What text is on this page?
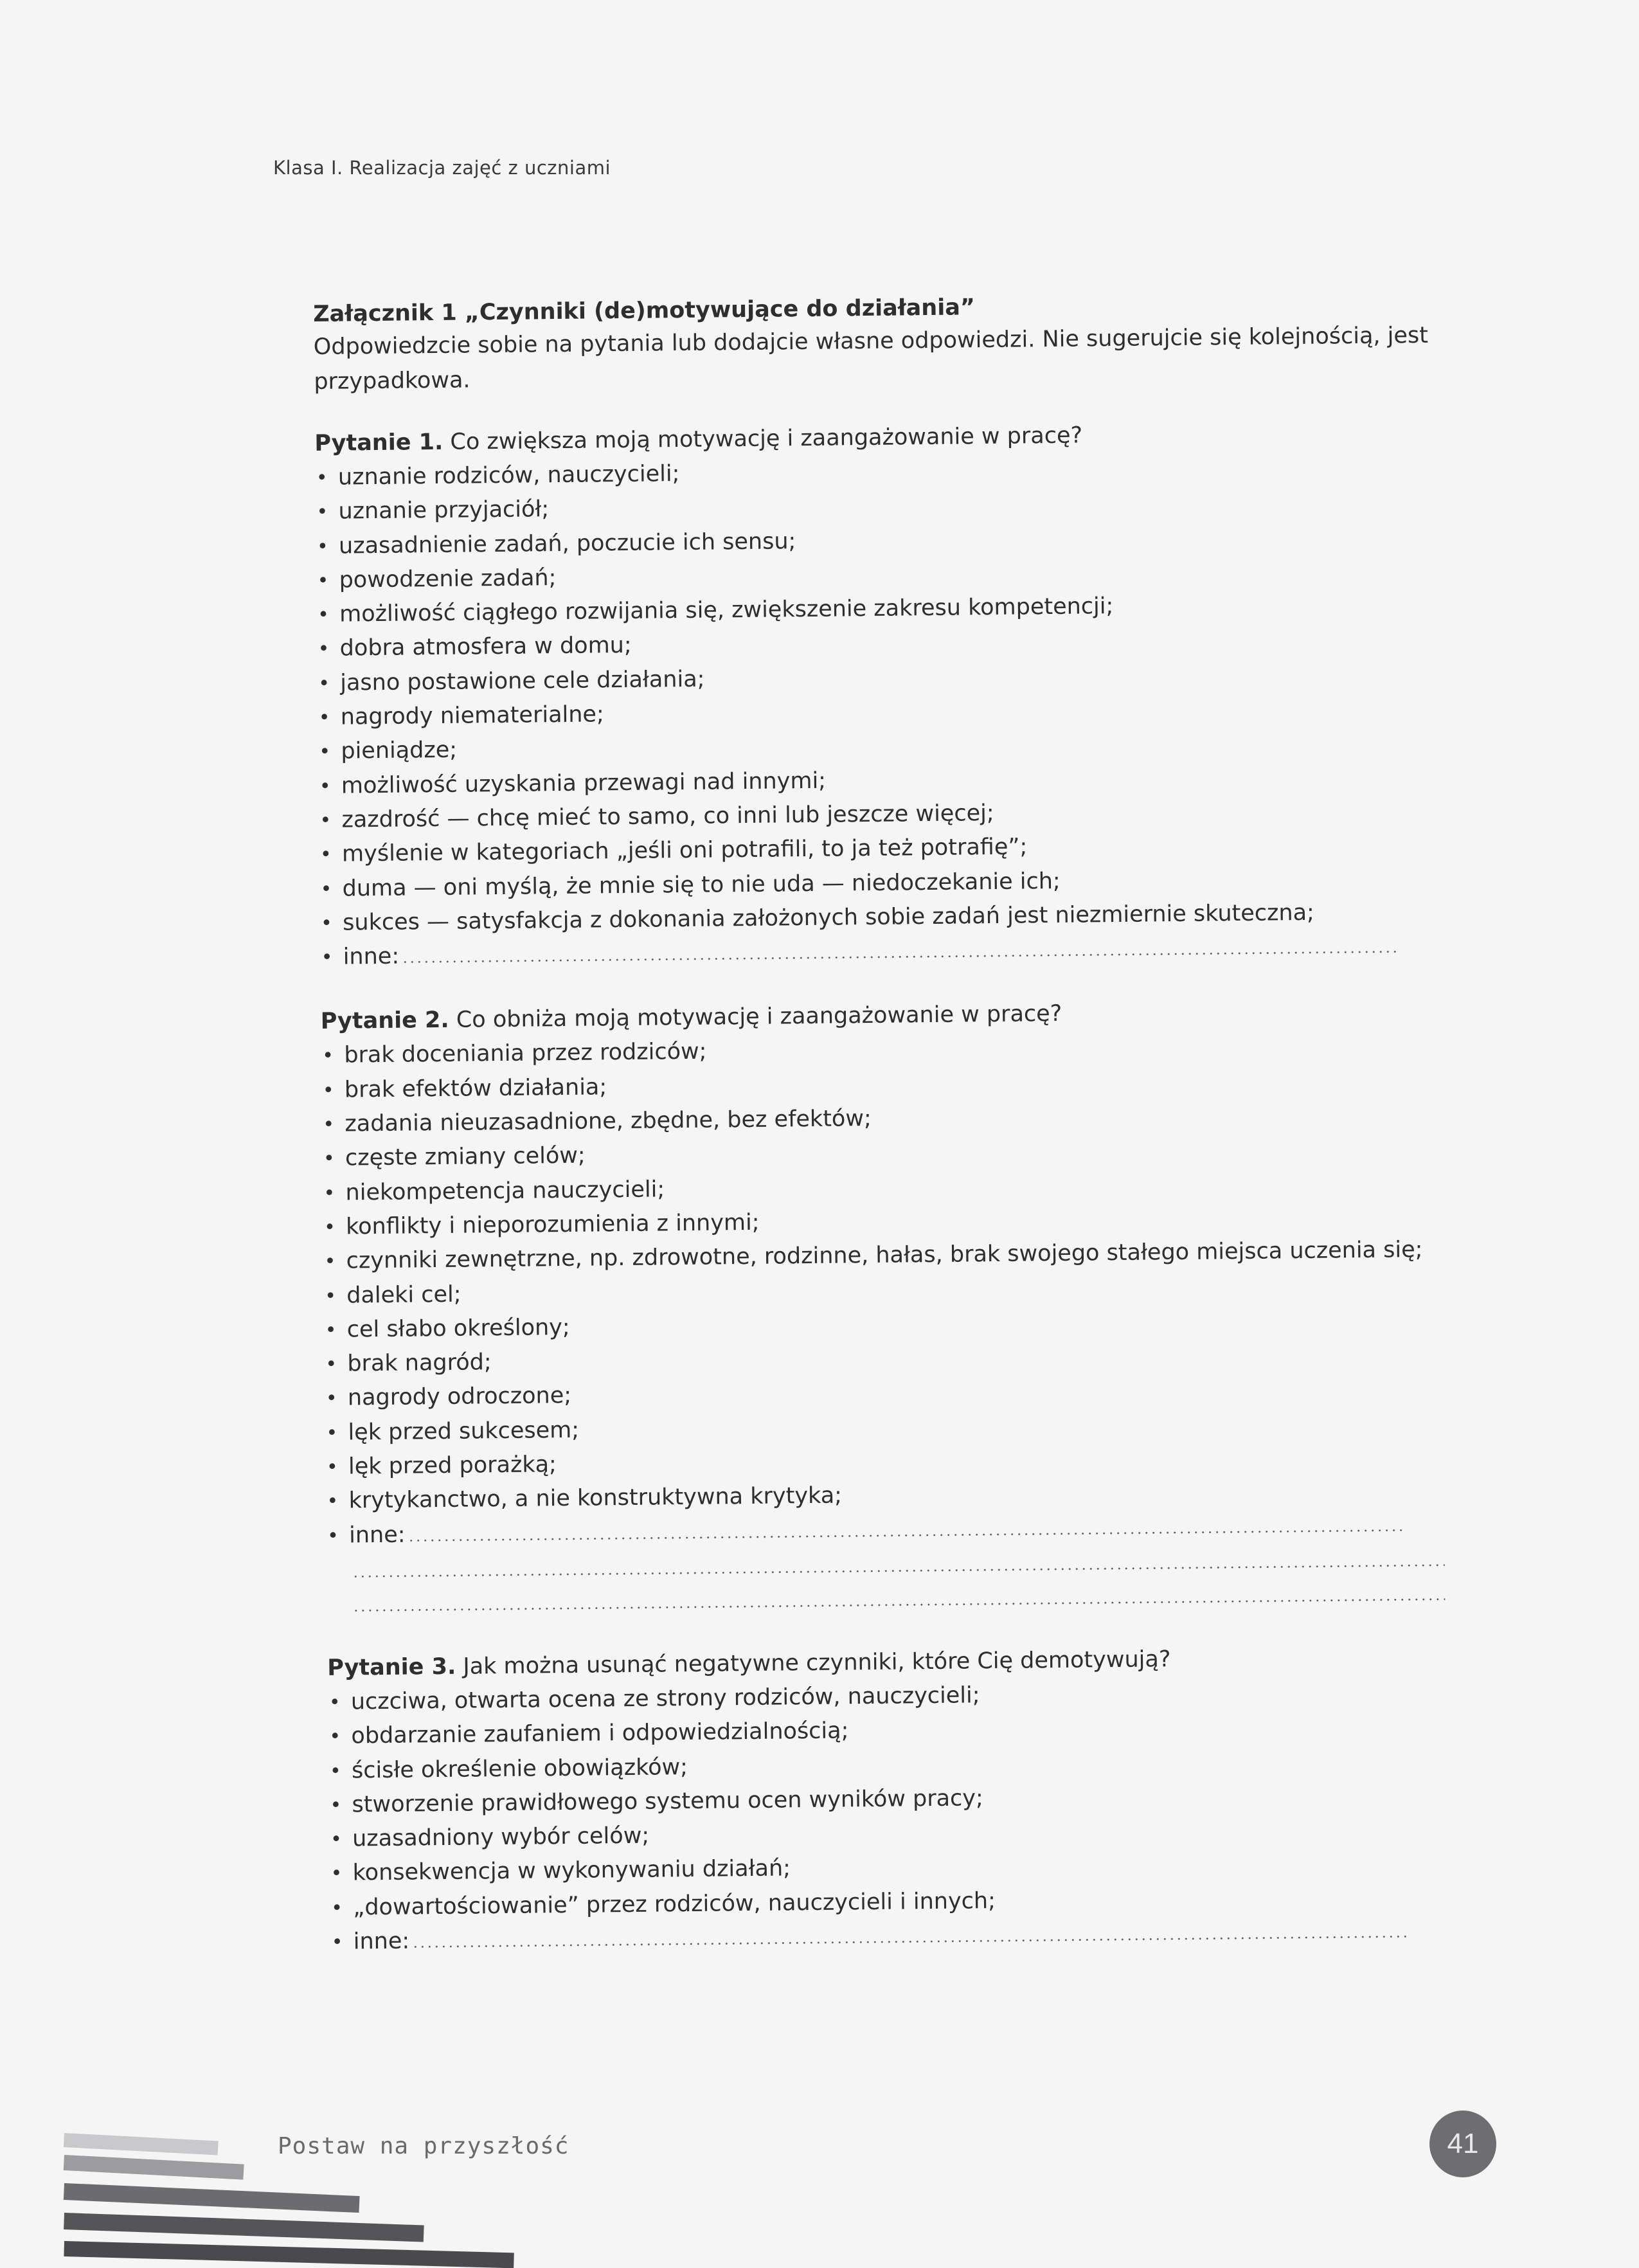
Klasa I. Realizacja zajęć z uczniami

Załącznik 1 „Czynniki (de)motywujące do działania”

Odpowiedzcie sobie na pytania lub dodajcie własne odpowiedzi. Nie sugerujcie się kolejnością, jest przypadkowa.

Pytanie 1. Co zwiększa moją motywację i zaangażowanie w pracę?

• uznanie rodziców, nauczycieli;
• uznanie przyjaciół;
• uzasadnienie zadań, poczucie ich sensu;
• powodzenie zadań;
• możliwość ciągłego rozwijania się, zwiększenie zakresu kompetencji;
• dobra atmosfera w domu;
• jasno postawione cele działania;
• nagrody niematerialne;
• pieniądze;
• możliwość uzyskania przewagi nad innymi;
• zazdrość — chcę mieć to samo, co inni lub jeszcze więcej;
• myślenie w kategoriach „jeśli oni potrafili, to ja też potrafię”;
• duma — oni myślą, że mnie się to nie uda — niedoczekanie ich;
• sukces — satysfakcja z dokonania założonych sobie zadań jest niezmiernie skuteczna;
• inne:

Pytanie 2. Co obniża moją motywację i zaangażowanie w pracę?

• brak doceniania przez rodziców;
• brak efektów działania;
• zadania nieuzasadnione, zbędne, bez efektów;
• częste zmiany celów;
• niekompetencja nauczycieli;
• konflikty i nieporozumienia z innymi;
• czynniki zewnętrzne, np. zdrowotne, rodzinne, hałas, brak swojego stałego miejsca uczenia się;
• daleki cel;
• cel słabo określony;
• brak nagród;
• nagrody odroczone;
• lęk przed sukcesem;
• lęk przed porażką;
• krytykanctwo, a nie konstruktywna krytyka;
• inne:

Pytanie 3. Jak można usunąć negatywne czynniki, które Cię demotywują?

• uczciwa, otwarta ocena ze strony rodziców, nauczycieli;
• obdarzanie zaufaniem i odpowiedzialnością;
• ścisłe określenie obowiązków;
• stworzenie prawidłowego systemu ocen wyników pracy;
• uzasadniony wybór celów;
• konsekwencja w wykonywaniu działań;
• „dowartościowanie” przez rodziców, nauczycieli i innych;
• inne:
Postaw na przyszłość	41
